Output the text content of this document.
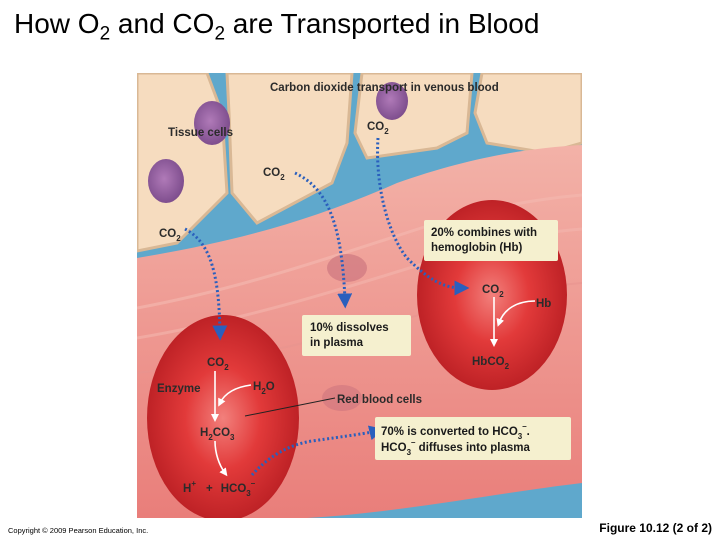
How $O_2$ and $CO_2$ are Transported in Blood
Carbon dioxide transport in venous blood
Tissue cells	$CO_2$
$CO_2$
$CO_2$	20% combines with
hemoglobin (Hb)
10% dissolves
in plasma
70% is converted to $HCO_3^-$.
$HCO_3^-$ diffuses into plasma
$CO_2$
Hb
HbCO$_2$
$CO_2$
Enzyme	$H_2O$
$H_2CO_3$
$H^+ + HCO_3^-$
Red blood cells
Copyright © 2009 Pearson Education, Inc.	Figure 10.12 (2 of 2)
